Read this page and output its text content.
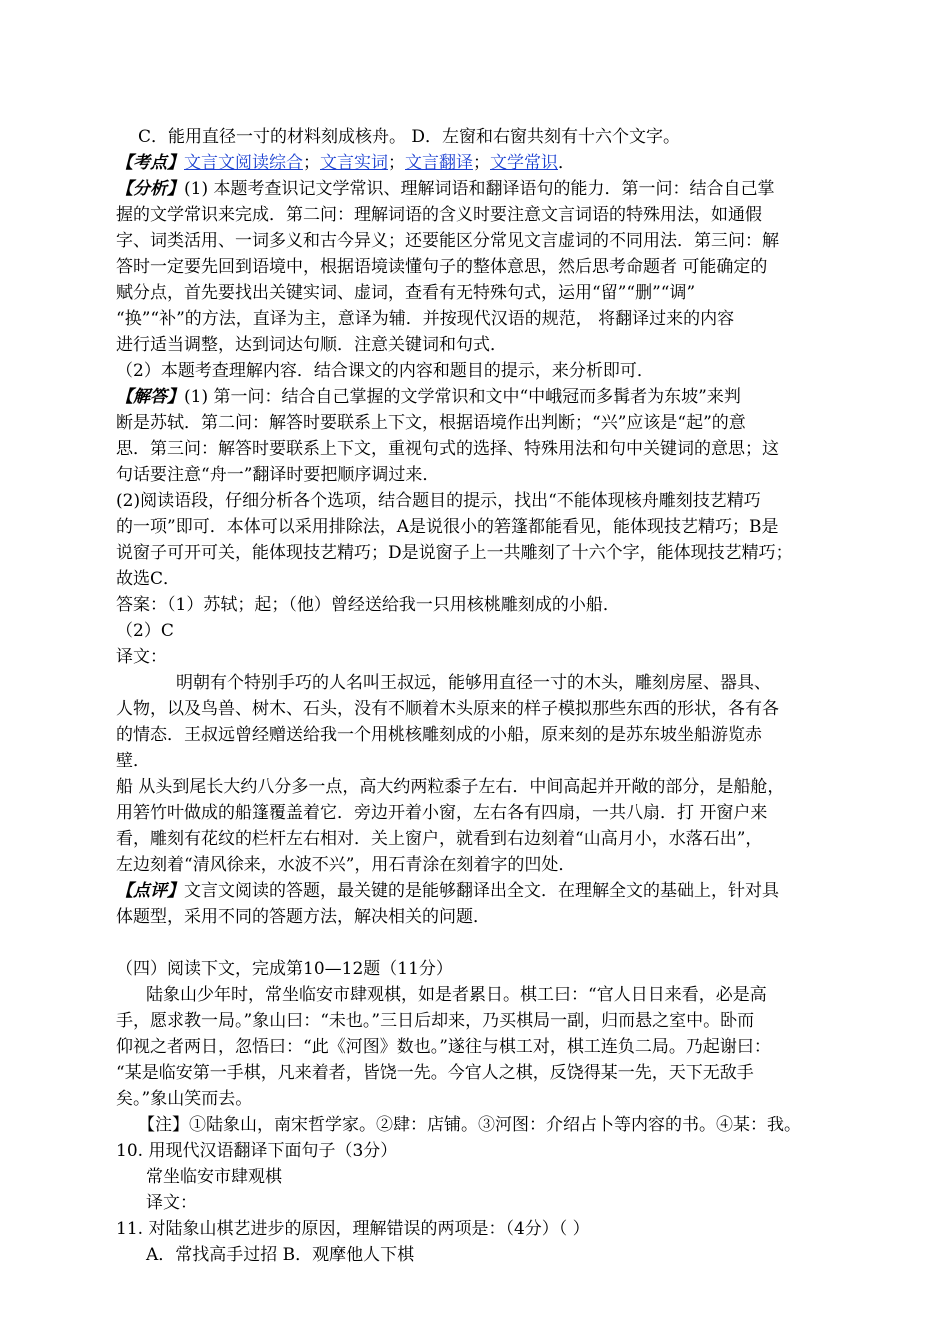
C．能用直径一寸的材料刻成核舟。 D．左窗和右窗共刻有十六个文字。
【考点】文言文阅读综合；文言实词；文言翻译；文学常识．
【分析】(1) 本题考查识记文学常识、理解词语和翻译语句的能力．第一问：结合自己掌
握的文学常识来完成．第二问：理解词语的含义时要注意文言词语的特殊用法，如通假
字、词类活用、一词多义和古今异义；还要能区分常见文言虚词的不同用法．第三问：解
答时一定要先回到语境中，根据语境读懂句子的整体意思，然后思考命题者 可能确定的
赋分点，首先要找出关键实词、虚词，查看有无特殊句式，运用“留”“删”“调”
“换”“补”的方法，直译为主，意译为辅．并按现代汉语的规范， 将翻译过来的内容
进行适当调整，达到词达句顺．注意关键词和句式．
（2）本题考查理解内容．结合课文的内容和题目的提示，来分析即可．
【解答】(1) 第一问：结合自己掌握的文学常识和文中“中峨冠而多髯者为东坡”来判
断是苏轼．第二问：解答时要联系上下文，根据语境作出判断；“兴”应该是“起”的意
思．第三问：解答时要联系上下文，重视句式的选择、特殊用法和句中关键词的意思；这
句话要注意“舟一”翻译时要把顺序调过来．
(2)阅读语段，仔细分析各个选项，结合题目的提示，找出“不能体现核舟雕刻技艺精巧
的一项”即可．本体可以采用排除法，A是说很小的箬篷都能看见，能体现技艺精巧；B是
说窗子可开可关，能体现技艺精巧；D是说窗子上一共雕刻了十六个字，能体现技艺精巧；
故选C．
答案：（1）苏轼；起；（他）曾经送给我一只用核桃雕刻成的小船．
（2）C
译文：
明朝有个特别手巧的人名叫王叔远，能够用直径一寸的木头，雕刻房屋、器具、
人物，以及鸟兽、树木、石头，没有不顺着木头原来的样子模拟那些东西的形状，各有各
的情态．王叔远曾经赠送给我一个用桃核雕刻成的小船，原来刻的是苏东坡坐船游览赤
壁．
船 从头到尾长大约八分多一点，高大约两粒黍子左右．中间高起并开敞的部分，是船舱，
用箬竹叶做成的船篷覆盖着它．旁边开着小窗，左右各有四扇，一共八扇．打 开窗户来
看，雕刻有花纹的栏杆左右相对．关上窗户，就看到右边刻着“山高月小，水落石出”，
左边刻着“清风徐来，水波不兴”，用石青涂在刻着字的凹处．
【点评】文言文阅读的答题，最关键的是能够翻译出全文．在理解全文的基础上，针对具
体题型，采用不同的答题方法，解决相关的问题．
（四）阅读下文，完成第10—12题（11分）
陆象山少年时，常坐临安市肆观棋，如是者累日。棋工曰：“官人日日来看，必是高
手，愿求教一局。”象山曰：“未也。”三日后却来，乃买棋局一副，归而悬之室中。卧而
仰视之者两日，忽悟曰：“此《河图》数也。”遂往与棋工对，棋工连负二局。乃起谢曰：
“某是临安第一手棋，凡来着者，皆饶一先。今官人之棋，反饶得某一先，天下无敌手
矣。”象山笑而去。
【注】①陆象山，南宋哲学家。②肆：店铺。③河图：介绍占卜等内容的书。④某：我。
10. 用现代汉语翻译下面句子（3分）
常坐临安市肆观棋
译文：
11. 对陆象山棋艺进步的原因，理解错误的两项是：（4分）（ ）
A．常找高手过招 B．观摩他人下棋
